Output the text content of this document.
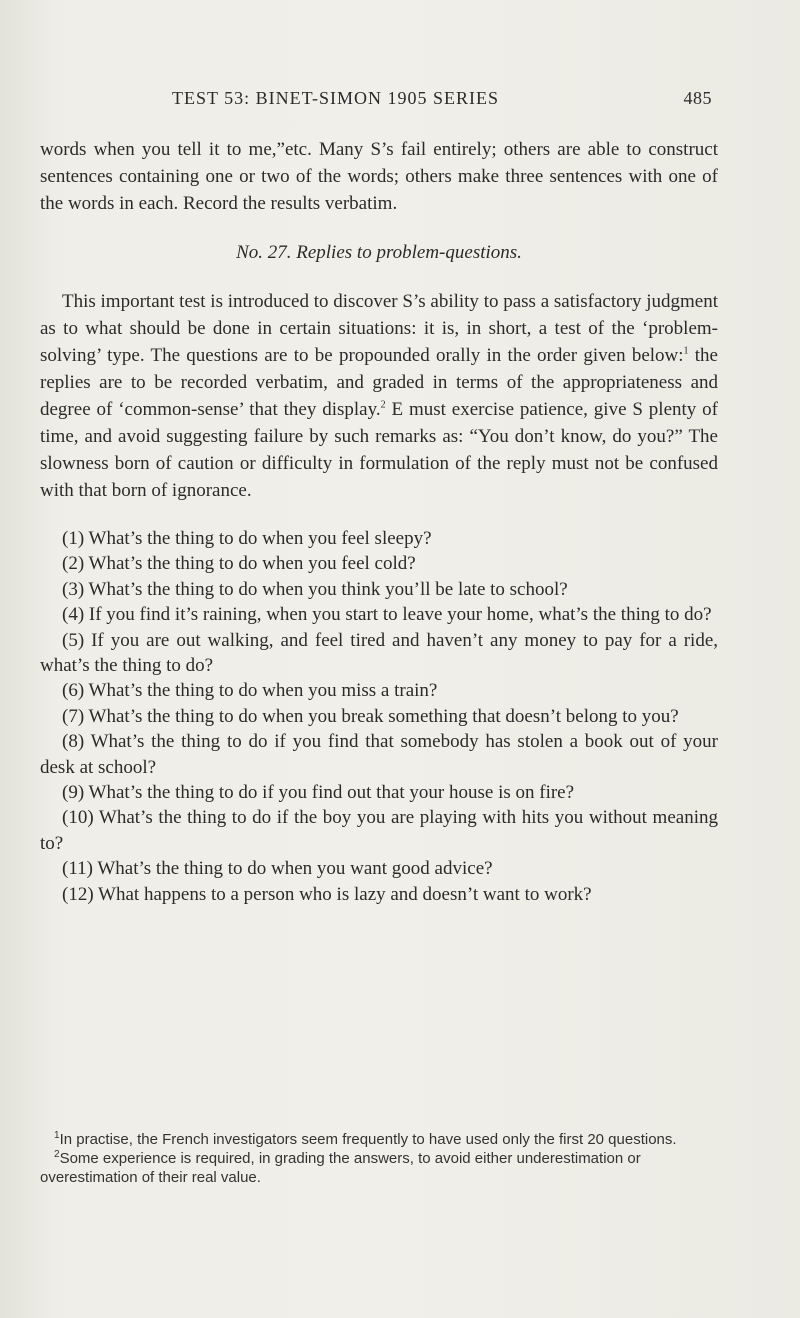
TEST 53: BINET-SIMON 1905 SERIES	485

words when you tell it to me,”etc. Many S’s fail entirely; others are able to construct sentences containing one or two of the words; others make three sentences with one of the words in each. Record the results verbatim.

No. 27. Replies to problem-questions.

This important test is introduced to discover S’s ability to pass a satisfactory judgment as to what should be done in certain situations: it is, in short, a test of the ‘problem-solving’ type. The questions are to be propounded orally in the order given below:$^1$ the replies are to be recorded verbatim, and graded in terms of the appropriateness and degree of ‘common-sense’ that they display.$^2$ E must exercise patience, give S plenty of time, and avoid suggesting failure by such remarks as: “You don’t know, do you?” The slowness born of caution or difficulty in formulation of the reply must not be confused with that born of ignorance.

(1) What’s the thing to do when you feel sleepy?

(2) What’s the thing to do when you feel cold?

(3) What’s the thing to do when you think you’ll be late to school?

(4) If you find it’s raining, when you start to leave your home, what’s the thing to do?

(5) If you are out walking, and feel tired and haven’t any money to pay for a ride, what’s the thing to do?

(6) What’s the thing to do when you miss a train?

(7) What’s the thing to do when you break something that doesn’t belong to you?

(8) What’s the thing to do if you find that somebody has stolen a book out of your desk at school?

(9) What’s the thing to do if you find out that your house is on fire?

(10) What’s the thing to do if the boy you are playing with hits you without meaning to?

(11) What’s the thing to do when you want good advice?

(12) What happens to a person who is lazy and doesn’t want to work?

$^1$In practise, the French investigators seem frequently to have used only the first 20 questions.

$^2$Some experience is required, in grading the answers, to avoid either underestimation or overestimation of their real value.
